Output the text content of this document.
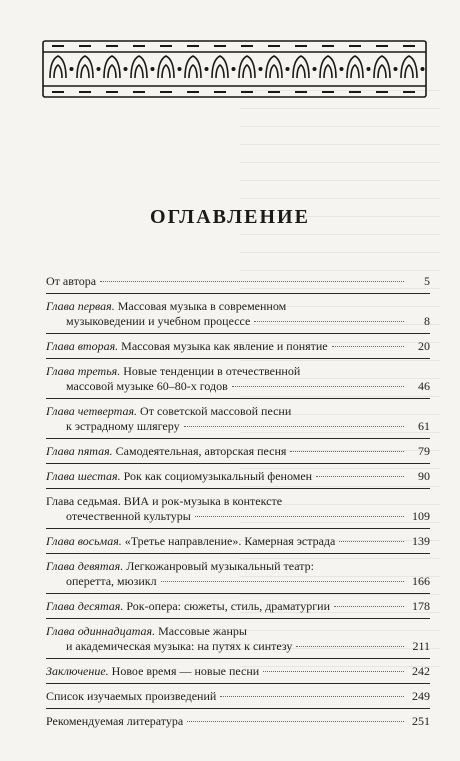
ОГЛАВЛЕНИЕ
От автора	5
Глава первая. Массовая музыка в современном
музыковедении и учебном процессе	8
Глава вторая. Массовая музыка как явление и понятие	20
Глава третья. Новые тенденции в отечественной
массовой музыке 60–80-х годов	46
Глава четвертая. От советской массовой песни
к эстрадному шлягеру	61
Глава пятая. Самодеятельная, авторская песня	79
Глава шестая. Рок как социомузыкальный феномен	90
Глава седьмая. ВИА и рок-музыка в контексте
отечественной культуры	109
Глава восьмая. «Третье направление». Камерная эстрада	139
Глава девятая. Легкожанровый музыкальный театр:
оперетта, мюзикл	166
Глава десятая. Рок-опера: сюжеты, стиль, драматургии	178
Глава одиннадцатая. Массовые жанры
и академическая музыка: на путях к синтезу	211
Заключение. Новое время — новые песни	242
Список изучаемых произведений	249
Рекомендуемая литература	251
